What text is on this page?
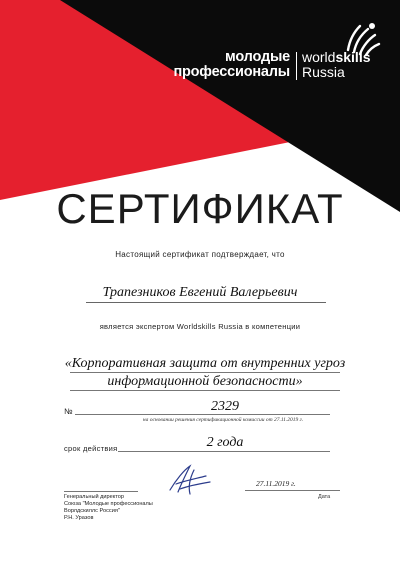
молодые
профессионалы
worldskills
Russia
СЕРТИФИКАТ
Настоящий сертификат подтверждает, что
Трапезников Евгений Валерьевич
является экспертом Worldskills Russia в компетенции
«Корпоративная защита от внутренних угроз
информационной безопасности»
№	2329
на основании решения сертификационной комиссии от 27.11.2019 г.
срок действия	2 года
27.11.2019 г.
Дата
Генеральный директор
Союза "Молодые профессионалы
Ворлдскиллс Россия"
Р.Н. Уразов
